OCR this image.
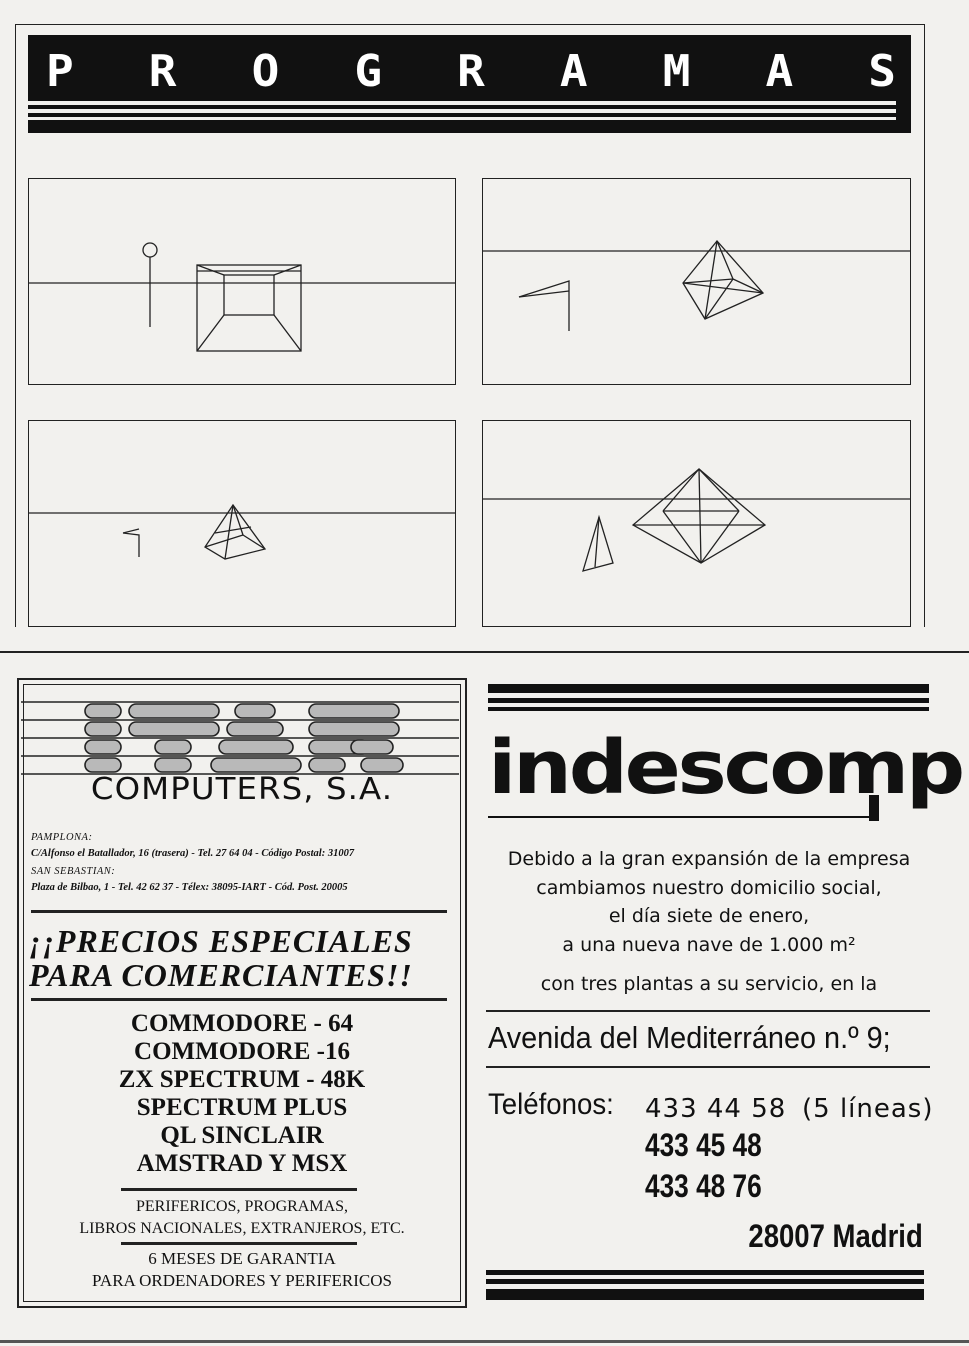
P R O G R A M A S
COMPUTERS, S.A.
PAMPLONA:
C/Alfonso el Batallador, 16 (trasera) - Tel. 27 64 04 - Código Postal: 31007
SAN SEBASTIAN:
Plaza de Bilbao, 1 - Tel. 42 62 37 - Télex: 38095-IART - Cód. Post. 20005
¡¡PRECIOS ESPECIALES
PARA COMERCIANTES!!
COMMODORE - 64
COMMODORE -16
ZX SPECTRUM - 48K
SPECTRUM PLUS
QL SINCLAIR
AMSTRAD Y MSX
PERIFERICOS, PROGRAMAS,
LIBROS NACIONALES, EXTRANJEROS, ETC.
6 MESES DE GARANTIA
PARA ORDENADORES Y PERIFERICOS
indescomp
Debido a la gran expansión de la empresa
cambiamos nuestro domicilio social,
el día siete de enero,
a una nueva nave de 1.000 m²
con tres plantas a su servicio, en la
Avenida del Mediterráneo n.º 9;
Teléfonos: 433 44 58 (5 líneas)
433 45 48
433 48 76
28007 Madrid
